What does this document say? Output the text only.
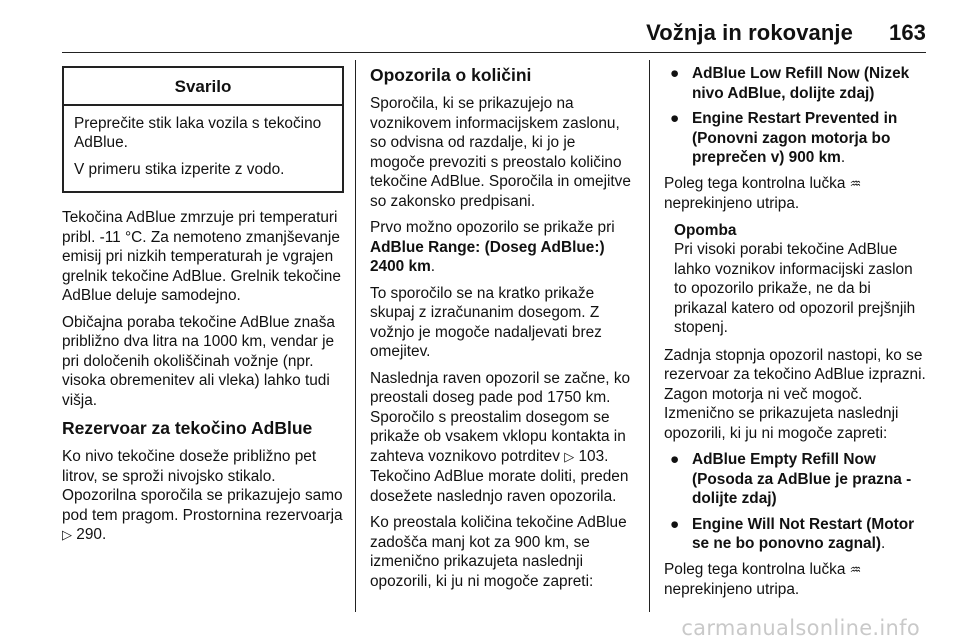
Vožnja in rokovanje 163
Svarilo

Preprečite stik laka vozila s tekočino AdBlue.

V primeru stika izperite z vodo.

Tekočina AdBlue zmrzuje pri temperaturi pribl. -11 °C. Za nemoteno zmanjševanje emisij pri nizkih temperaturah je vgrajen grelnik tekočine AdBlue. Grelnik tekočine AdBlue deluje samodejno.

Običajna poraba tekočine AdBlue znaša približno dva litra na 1000 km, vendar je pri določenih okoliščinah vožnje (npr. visoka obremenitev ali vleka) lahko tudi višja.

Rezervoar za tekočino AdBlue

Ko nivo tekočine doseže približno pet litrov, se sproži nivojsko stikalo. Opozorilna sporočila se prikazujejo samo pod tem pragom. Prostornina rezervoarja ▷ 290.

Opozorila o količini

Sporočila, ki se prikazujejo na voznikovem informacijskem zaslonu, so odvisna od razdalje, ki jo je mogoče prevoziti s preostalo količino tekočine AdBlue. Sporočila in omejitve so zakonsko predpisani.

Prvo možno opozorilo se prikaže pri AdBlue Range: (Doseg AdBlue:) 2400 km.

To sporočilo se na kratko prikaže skupaj z izračunanim dosegom. Z vožnjo je mogoče nadaljevati brez omejitev.

Naslednja raven opozoril se začne, ko preostali doseg pade pod 1750 km. Sporočilo s preostalim dosegom se prikaže ob vsakem vklopu kontakta in zahteva voznikovo potrditev ▷ 103. Tekočino AdBlue morate doliti, preden dosežete naslednjo raven opozorila.

Ko preostala količina tekočine AdBlue zadošča manj kot za 900 km, se izmenično prikazujeta naslednji opozorili, ki ju ni mogoče zapreti:

● AdBlue Low Refill Now (Nizek nivo AdBlue, dolijte zdaj)
● Engine Restart Prevented in (Ponovni zagon motorja bo preprečen v) 900 km.

Poleg tega kontrolna lučka ♒ neprekinjeno utripa.

Opomba
Pri visoki porabi tekočine AdBlue lahko voznikov informacijski zaslon to opozorilo prikaže, ne da bi prikazal katero od opozoril prejšnjih stopenj.

Zadnja stopnja opozoril nastopi, ko se rezervoar za tekočino AdBlue izprazni. Zagon motorja ni več mogoč. Izmenično se prikazujeta naslednji opozorili, ki ju ni mogoče zapreti:

● AdBlue Empty Refill Now (Posoda za AdBlue je prazna - dolijte zdaj)
● Engine Will Not Restart (Motor se ne bo ponovno zagnal).

Poleg tega kontrolna lučka ♒ neprekinjeno utripa.

carmanualsonline.info
